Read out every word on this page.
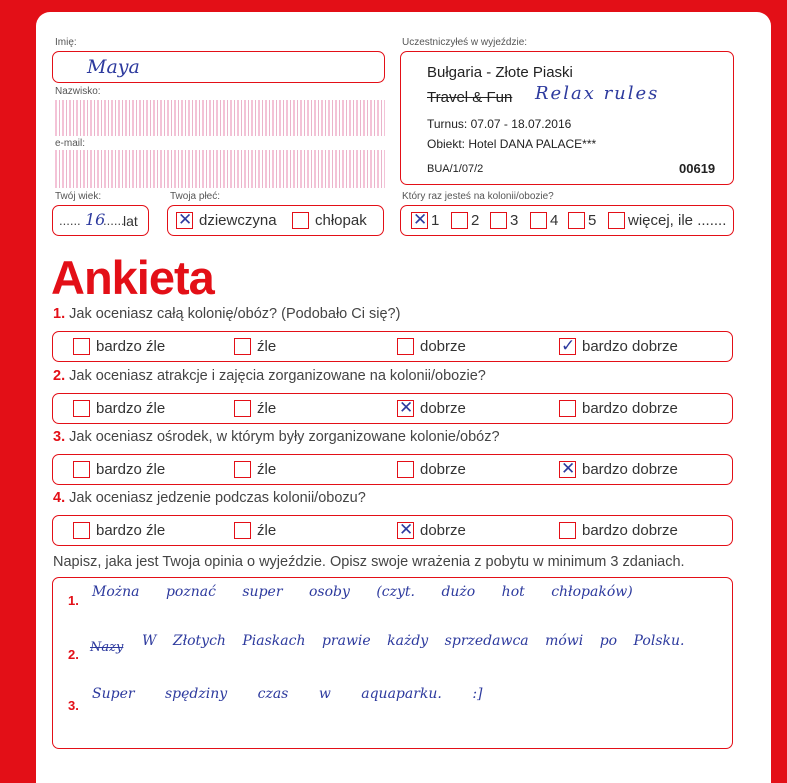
Imię:
Maya
Nazwisko:
e-mail:
Twój wiek:
...... 16
......
lat
Twoja płeć:
✕ dziewczyna	chłopak
Uczestniczyłeś w wyjeździe:
Bułgaria - Złote Piaski
Travel & Fun Relax rules
Turnus: 07.07 - 18.07.2016
Obiekt: Hotel DANA PALACE***
BUA/1/07/2	00619
Który raz jesteś na kolonii/obozie?
✕ 1 2 3 4 5 więcej, ile .......
Ankieta
1. Jak oceniasz całą kolonię/obóz? (Podobało Ci się?)
bardzo źle	źle	dobrze	✓ bardzo dobrze
2. Jak oceniasz atrakcje i zajęcia zorganizowane na kolonii/obozie?
bardzo źle	źle	✕ dobrze	bardzo dobrze
3. Jak oceniasz ośrodek, w którym były zorganizowane kolonie/obóz?
bardzo źle	źle	dobrze	✕ bardzo dobrze
4. Jak oceniasz jedzenie podczas kolonii/obozu?
bardzo źle	źle	✕ dobrze	bardzo dobrze
Napisz, jaka jest Twoja opinia o wyjeździe. Opisz swoje wrażenia z pobytu w minimum 3 zdaniach.
1.
Można poznać super osoby (czyt. dużo hot chłopaków)
2. Nazy W Złotych Piaskach prawie każdy sprzedawca mówi po Polsku.
3.
Super spędziny czas w aquaparku. :]
